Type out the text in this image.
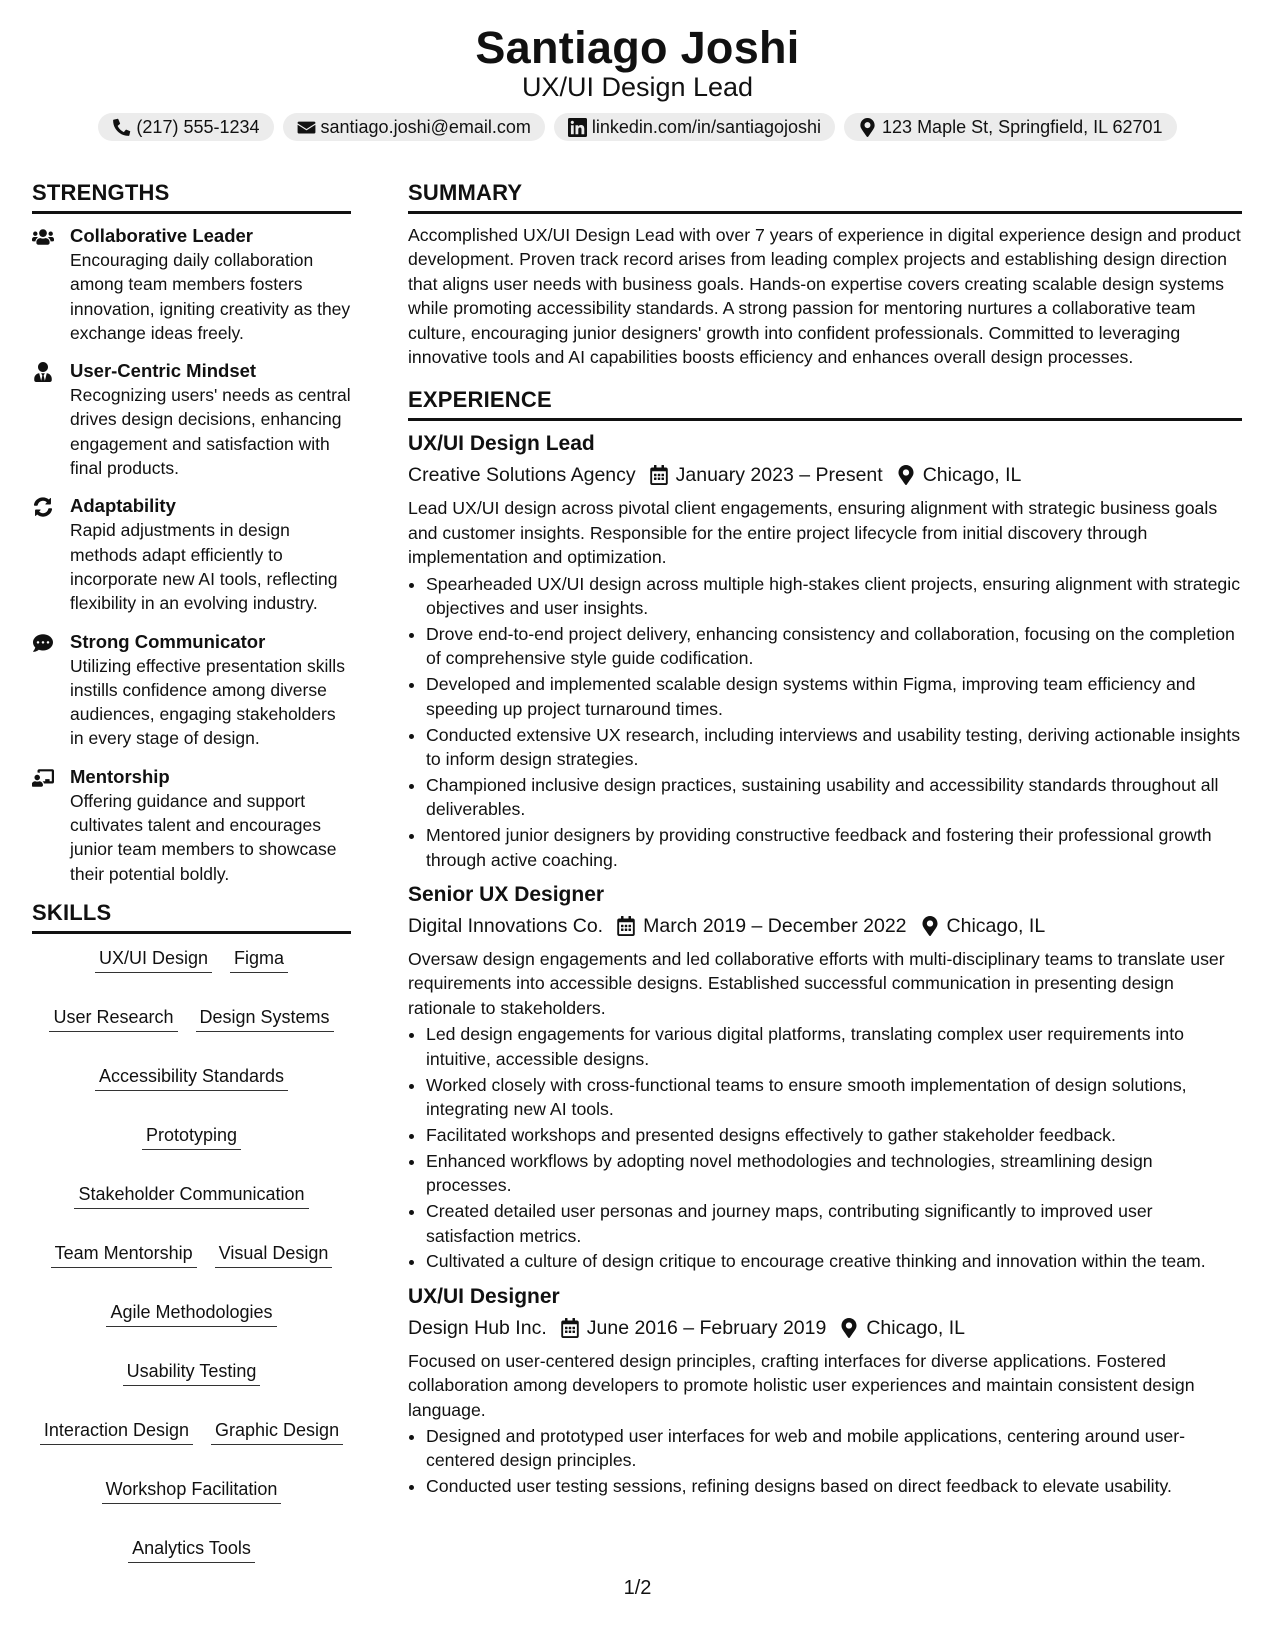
Santiago Joshi
UX/UI Design Lead
(217) 555-1234	santiago.joshi@email.com	linkedin.com/in/santiagojoshi	123 Maple St, Springfield, IL 62701
STRENGTHS
Collaborative Leader
Encouraging daily collaboration among team members fosters innovation, igniting creativity as they exchange ideas freely.
User-Centric Mindset
Recognizing users' needs as central drives design decisions, enhancing engagement and satisfaction with final products.
Adaptability
Rapid adjustments in design methods adapt efficiently to incorporate new AI tools, reflecting flexibility in an evolving industry.
Strong Communicator
Utilizing effective presentation skills instills confidence among diverse audiences, engaging stakeholders in every stage of design.
Mentorship
Offering guidance and support cultivates talent and encourages junior team members to showcase their potential boldly.
SKILLS
UX/UI Design Figma
User Research Design Systems
Accessibility Standards
Prototyping
Stakeholder Communication
Team Mentorship Visual Design
Agile Methodologies
Usability Testing
Interaction Design Graphic Design
Workshop Facilitation
Analytics Tools
SUMMARY
Accomplished UX/UI Design Lead with over 7 years of experience in digital experience design and product development. Proven track record arises from leading complex projects and establishing design direction that aligns user needs with business goals. Hands-on expertise covers creating scalable design systems while promoting accessibility standards. A strong passion for mentoring nurtures a collaborative team culture, encouraging junior designers' growth into confident professionals. Committed to leveraging innovative tools and AI capabilities boosts efficiency and enhances overall design processes.
EXPERIENCE
UX/UI Design Lead
Creative Solutions Agency January 2023 – Present Chicago, IL
Lead UX/UI design across pivotal client engagements, ensuring alignment with strategic business goals and customer insights. Responsible for the entire project lifecycle from initial discovery through implementation and optimization.
• Spearheaded UX/UI design across multiple high-stakes client projects, ensuring alignment with strategic objectives and user insights.
• Drove end-to-end project delivery, enhancing consistency and collaboration, focusing on the completion of comprehensive style guide codification.
• Developed and implemented scalable design systems within Figma, improving team efficiency and speeding up project turnaround times.
• Conducted extensive UX research, including interviews and usability testing, deriving actionable insights to inform design strategies.
• Championed inclusive design practices, sustaining usability and accessibility standards throughout all deliverables.
• Mentored junior designers by providing constructive feedback and fostering their professional growth through active coaching.
Senior UX Designer
Digital Innovations Co. March 2019 – December 2022 Chicago, IL
Oversaw design engagements and led collaborative efforts with multi-disciplinary teams to translate user requirements into accessible designs. Established successful communication in presenting design rationale to stakeholders.
• Led design engagements for various digital platforms, translating complex user requirements into intuitive, accessible designs.
• Worked closely with cross-functional teams to ensure smooth implementation of design solutions, integrating new AI tools.
• Facilitated workshops and presented designs effectively to gather stakeholder feedback.
• Enhanced workflows by adopting novel methodologies and technologies, streamlining design processes.
• Created detailed user personas and journey maps, contributing significantly to improved user satisfaction metrics.
• Cultivated a culture of design critique to encourage creative thinking and innovation within the team.
UX/UI Designer
Design Hub Inc. June 2016 – February 2019 Chicago, IL
Focused on user-centered design principles, crafting interfaces for diverse applications. Fostered collaboration among developers to promote holistic user experiences and maintain consistent design language.
• Designed and prototyped user interfaces for web and mobile applications, centering around user-centered design principles.
• Conducted user testing sessions, refining designs based on direct feedback to elevate usability.
1/2
